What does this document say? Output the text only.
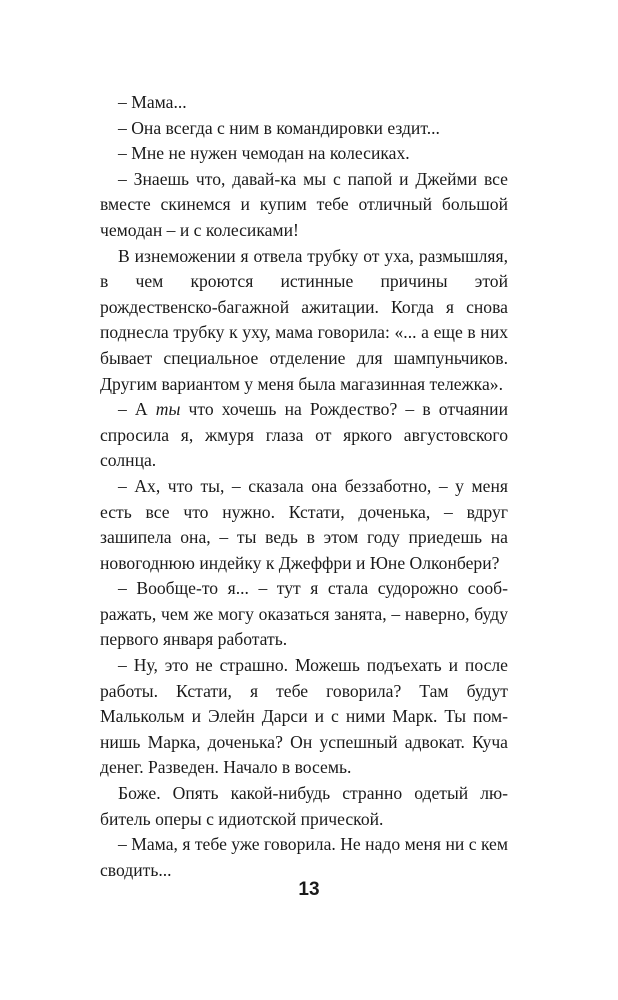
– Мама...

– Она всегда с ним в командировки ездит...

– Мне не нужен чемодан на колесиках.

– Знаешь что, давай-ка мы с папой и Джейми все вместе скинемся и купим тебе отличный большой чемодан – и с колесиками!

В изнеможении я отвела трубку от уха, размышляя, в чем кроются истинные причины этой рождественско-багажной ажитации. Когда я снова поднесла трубку к уху, мама говорила: «... а еще в них бывает специальное отделение для шампуньчиков. Другим вариантом у меня была магазинная тележка».

– А ты что хочешь на Рождество? – в отчаянии спросила я, жмуря глаза от яркого августовского солнца.

– Ах, что ты, – сказала она беззаботно, – у меня есть все что нужно. Кстати, доченька, – вдруг зашипела она, – ты ведь в этом году приедешь на новогоднюю индейку к Джеффри и Юне Олконбери?

– Вообще-то я... – тут я стала судорожно соображать, чем же могу оказаться занята, – наверно, буду первого января работать.

– Ну, это не страшно. Можешь подъехать и после работы. Кстати, я тебе говорила? Там будут Малькольм и Элейн Дарси и с ними Марк. Ты помнишь Марка, доченька? Он успешный адвокат. Куча денег. Разведен. Начало в восемь.

Боже. Опять какой-нибудь странно одетый любитель оперы с идиотской прической.

– Мама, я тебе уже говорила. Не надо меня ни с кем сводить...

13
